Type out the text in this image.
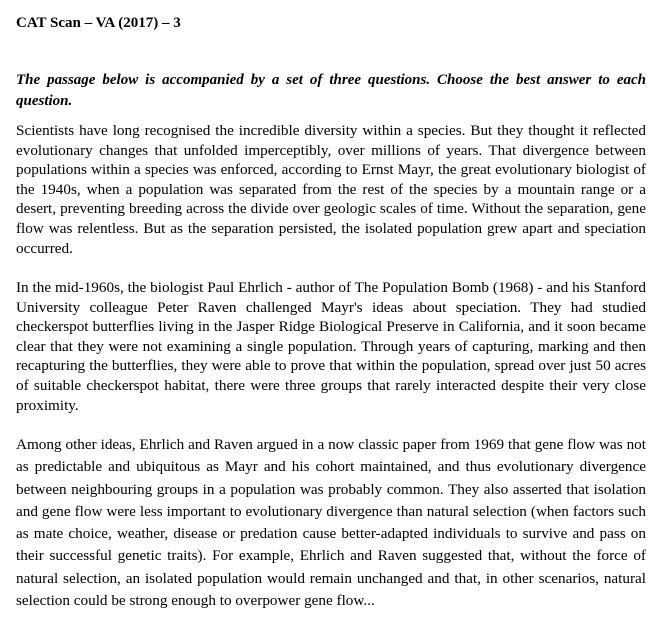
CAT Scan – VA (2017) – 3
The passage below is accompanied by a set of three questions. Choose the best answer to each question.
Scientists have long recognised the incredible diversity within a species. But they thought it reflected evolutionary changes that unfolded imperceptibly, over millions of years. That divergence between populations within a species was enforced, according to Ernst Mayr, the great evolutionary biologist of the 1940s, when a population was separated from the rest of the species by a mountain range or a desert, preventing breeding across the divide over geologic scales of time. Without the separation, gene flow was relentless. But as the separation persisted, the isolated population grew apart and speciation occurred.
In the mid-1960s, the biologist Paul Ehrlich - author of The Population Bomb (1968) - and his Stanford University colleague Peter Raven challenged Mayr's ideas about speciation. They had studied checkerspot butterflies living in the Jasper Ridge Biological Preserve in California, and it soon became clear that they were not examining a single population. Through years of capturing, marking and then recapturing the butterflies, they were able to prove that within the population, spread over just 50 acres of suitable checkerspot habitat, there were three groups that rarely interacted despite their very close proximity.
Among other ideas, Ehrlich and Raven argued in a now classic paper from 1969 that gene flow was not as predictable and ubiquitous as Mayr and his cohort maintained, and thus evolutionary divergence between neighbouring groups in a population was probably common. They also asserted that isolation and gene flow were less important to evolutionary divergence than natural selection (when factors such as mate choice, weather, disease or predation cause better-adapted individuals to survive and pass on their successful genetic traits). For example, Ehrlich and Raven suggested that, without the force of natural selection, an isolated population would remain unchanged and that, in other scenarios, natural selection could be strong enough to overpower gene flow...
